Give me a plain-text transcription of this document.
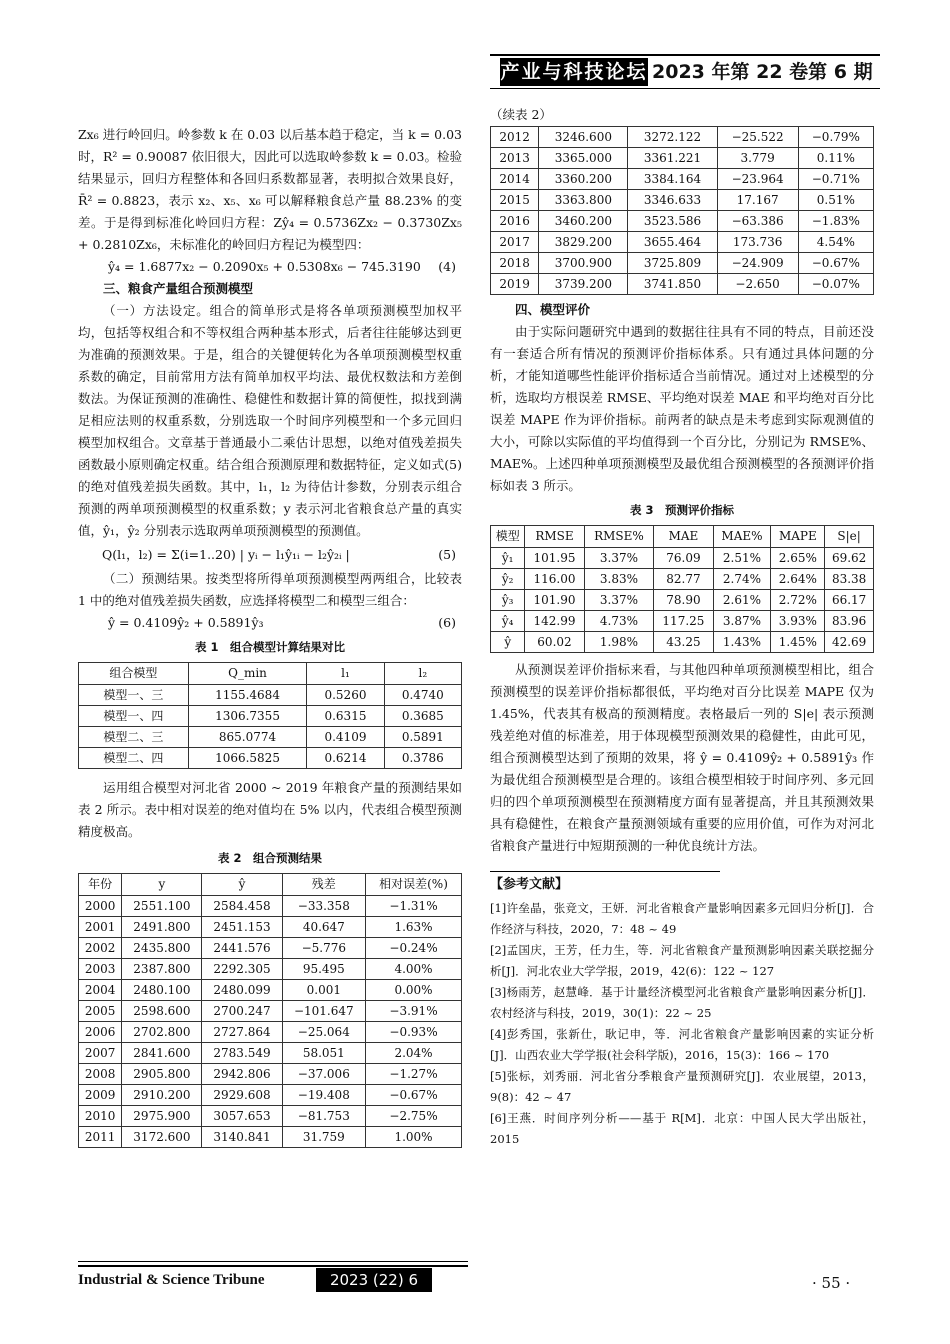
产业与科技论坛 2023 年第 22 卷第 6 期

Zx₆ 进行岭回归。岭参数 k 在 0.03 以后基本趋于稳定，当 k = 0.03 时，R² = 0.90087 依旧很大，因此可以选取岭参数 k = 0.03。检验结果显示，回归方程整体和各回归系数都显著，表明拟合效果良好，R̄² = 0.8823，表示 x₂、x₅、x₆ 可以解释粮食总产量 88.23% 的变差。于是得到标准化岭回归方程：Zŷ₄ = 0.5736Zx₂ − 0.3730Zx₅ + 0.2810Zx₆，未标准化的岭回归方程记为模型四：

ŷ₄ = 1.6877x₂ − 0.2090x₅ + 0.5308x₆ − 745.3190 (4)

三、粮食产量组合预测模型

（一）方法设定。组合的简单形式是将各单项预测模型加权平均，包括等权组合和不等权组合两种基本形式，后者往往能够达到更为准确的预测效果。于是，组合的关键便转化为各单项预测模型权重系数的确定，目前常用方法有简单加权平均法、最优权数法和方差倒数法。为保证预测的准确性、稳健性和数据计算的简便性，拟找到满足相应法则的权重系数，分别选取一个时间序列模型和一个多元回归模型加权组合。文章基于普通最小二乘估计思想，以绝对值残差损失函数最小原则确定权重。结合组合预测原理和数据特征，定义如式(5)的绝对值残差损失函数。其中，l₁，l₂ 为待估计参数，分别表示组合预测的两单项预测模型的权重系数；y 表示河北省粮食总产量的真实值，ŷ₁，ŷ₂ 分别表示选取两单项预测模型的预测值。

Q(l₁，l₂) = Σ(i=1..20) | yᵢ − l₁ŷ₁ᵢ − l₂ŷ₂ᵢ |	(5)

（二）预测结果。按类型将所得单项预测模型两两组合，比较表 1 中的绝对值残差损失函数，应选择将模型二和模型三组合：

ŷ = 0.4109ŷ₂ + 0.5891ŷ₃	(6)

表 1　组合模型计算结果对比

组合模型	Q_min	l₁	l₂
模型一、三	1155.4684	0.5260	0.4740
模型一、四	1306.7355	0.6315	0.3685
模型二、三	865.0774	0.4109	0.5891
模型二、四	1066.5825	0.6214	0.3786

运用组合模型对河北省 2000 ~ 2019 年粮食产量的预测结果如表 2 所示。表中相对误差的绝对值均在 5% 以内，代表组合模型预测精度极高。

表 2　组合预测结果

年份	y	ŷ	残差	相对误差(%)
2000	2551.100	2584.458	−33.358	−1.31%
2001	2491.800	2451.153	40.647	1.63%
2002	2435.800	2441.576	−5.776	−0.24%
2003	2387.800	2292.305	95.495	4.00%
2004	2480.100	2480.099	0.001	0.00%
2005	2598.600	2700.247	−101.647	−3.91%
2006	2702.800	2727.864	−25.064	−0.93%
2007	2841.600	2783.549	58.051	2.04%
2008	2905.800	2942.806	−37.006	−1.27%
2009	2910.200	2929.608	−19.408	−0.67%
2010	2975.900	3057.653	−81.753	−2.75%
2011	3172.600	3140.841	31.759	1.00%

（续表 2）

2012	3246.600	3272.122	−25.522	−0.79%
2013	3365.000	3361.221	3.779	0.11%
2014	3360.200	3384.164	−23.964	−0.71%
2015	3363.800	3346.633	17.167	0.51%
2016	3460.200	3523.586	−63.386	−1.83%
2017	3829.200	3655.464	173.736	4.54%
2018	3700.900	3725.809	−24.909	−0.67%
2019	3739.200	3741.850	−2.650	−0.07%

四、模型评价

由于实际问题研究中遇到的数据往往具有不同的特点，目前还没有一套适合所有情况的预测评价指标体系。只有通过具体问题的分析，才能知道哪些性能评价指标适合当前情况。通过对上述模型的分析，选取均方根误差 RMSE、平均绝对误差 MAE 和平均绝对百分比误差 MAPE 作为评价指标。前两者的缺点是未考虑到实际观测值的大小，可除以实际值的平均值得到一个百分比，分别记为 RMSE%、MAE%。上述四种单项预测模型及最优组合预测模型的各预测评价指标如表 3 所示。

表 3　预测评价指标

模型	RMSE	RMSE%	MAE	MAE%	MAPE	S|e|
ŷ₁	101.95	3.37%	76.09	2.51%	2.65%	69.62
ŷ₂	116.00	3.83%	82.77	2.74%	2.64%	83.38
ŷ₃	101.90	3.37%	78.90	2.61%	2.72%	66.17
ŷ₄	142.99	4.73%	117.25	3.87%	3.93%	83.96
ŷ	60.02	1.98%	43.25	1.43%	1.45%	42.69

从预测误差评价指标来看，与其他四种单项预测模型相比，组合预测模型的误差评价指标都很低，平均绝对百分比误差 MAPE 仅为 1.45%，代表其有极高的预测精度。表格最后一列的 S|e| 表示预测残差绝对值的标准差，用于体现模型预测效果的稳健性，由此可见，组合预测模型达到了预期的效果，将 ŷ = 0.4109ŷ₂ + 0.5891ŷ₃ 作为最优组合预测模型是合理的。该组合模型相较于时间序列、多元回归的四个单项预测模型在预测精度方面有显著提高，并且其预测效果具有稳健性，在粮食产量预测领域有重要的应用价值，可作为对河北省粮食产量进行中短期预测的一种优良统计方法。

【参考文献】

[1]许垒晶，张竞文，王妍．河北省粮食产量影响因素多元回归分析[J]．合作经济与科技，2020，7：48 ~ 49

[2]孟国庆，王芳，任力生，等．河北省粮食产量预测影响因素关联挖掘分析[J]．河北农业大学学报，2019，42(6)：122 ~ 127

[3]杨雨芳，赵慧峰．基于计量经济模型河北省粮食产量影响因素分析[J]．农村经济与科技，2019，30(1)：22 ~ 25

[4]彭秀国，张新仕，耿记申，等．河北省粮食产量影响因素的实证分析[J]．山西农业大学学报(社会科学版)，2016，15(3)：166 ~ 170

[5]张标，刘秀丽．河北省分季粮食产量预测研究[J]．农业展望，2013，9(8)：42 ~ 47

[6]王燕．时间序列分析——基于 R[M]．北京：中国人民大学出版社，2015

Industrial & Science Tribune	2023 (22) 6	· 55 ·
